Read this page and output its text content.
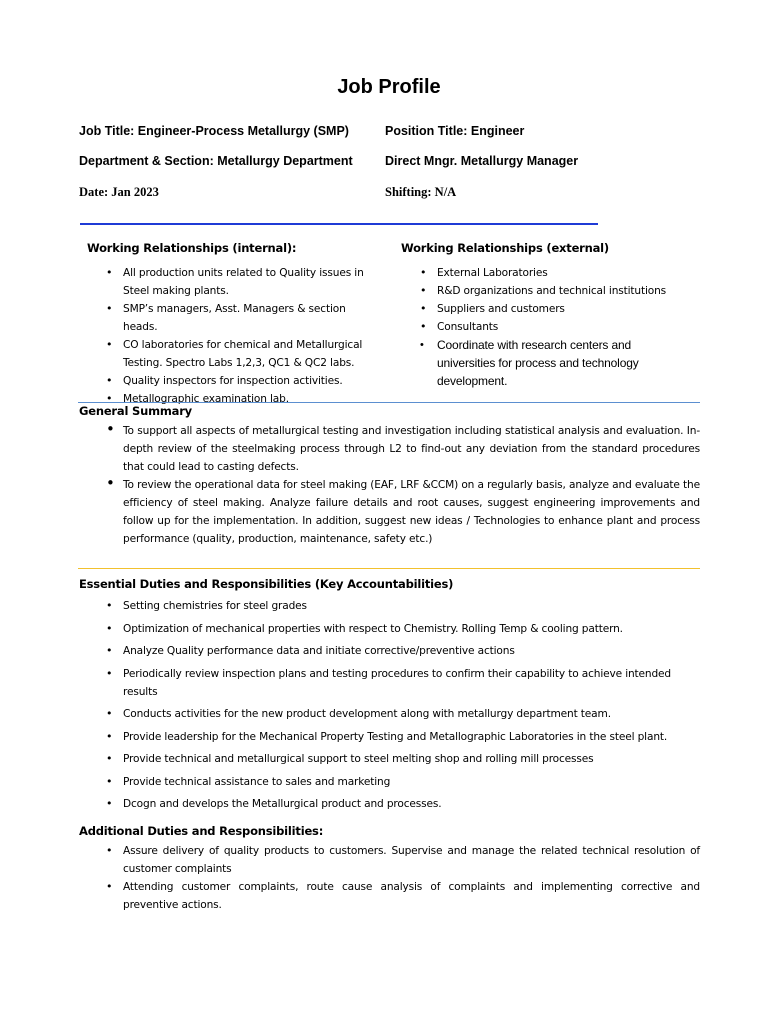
Job Profile
Job Title: Engineer-Process Metallurgy (SMP)	Position Title: Engineer
Department & Section: Metallurgy Department	Direct Mngr. Metallurgy Manager
Date: Jan 2023	Shifting: N/A
Working Relationships (internal):
• All production units related to Quality issues in Steel making plants.
• SMP’s managers, Asst. Managers & section heads.
• CO laboratories for chemical and Metallurgical Testing. Spectro Labs 1,2,3, QC1 & QC2 labs.
• Quality inspectors for inspection activities.
• Metallographic examination lab.
Working Relationships (external)
• External Laboratories
• R&D organizations and technical institutions
• Suppliers and customers
• Consultants
• Coordinate with research centers and universities for process and technology development.
General Summary
• To support all aspects of metallurgical testing and investigation including statistical analysis and evaluation. In-depth review of the steelmaking process through L2 to find-out any deviation from the standard procedures that could lead to casting defects.
• To review the operational data for steel making (EAF, LRF &CCM) on a regularly basis, analyze and evaluate the efficiency of steel making. Analyze failure details and root causes, suggest engineering improvements and follow up for the implementation. In addition, suggest new ideas / Technologies to enhance plant and process performance (quality, production, maintenance, safety etc.)
Essential Duties and Responsibilities (Key Accountabilities)
• Setting chemistries for steel grades
• Optimization of mechanical properties with respect to Chemistry. Rolling Temp & cooling pattern.
• Analyze Quality performance data and initiate corrective/preventive actions
• Periodically review inspection plans and testing procedures to confirm their capability to achieve intended results
• Conducts activities for the new product development along with metallurgy department team.
• Provide leadership for the Mechanical Property Testing and Metallographic Laboratories in the steel plant.
• Provide technical and metallurgical support to steel melting shop and rolling mill processes
• Provide technical assistance to sales and marketing
• Dcogn and develops the Metallurgical product and processes.
Additional Duties and Responsibilities:
• Assure delivery of quality products to customers. Supervise and manage the related technical resolution of customer complaints
• Attending customer complaints, route cause analysis of complaints and implementing corrective and preventive actions.
